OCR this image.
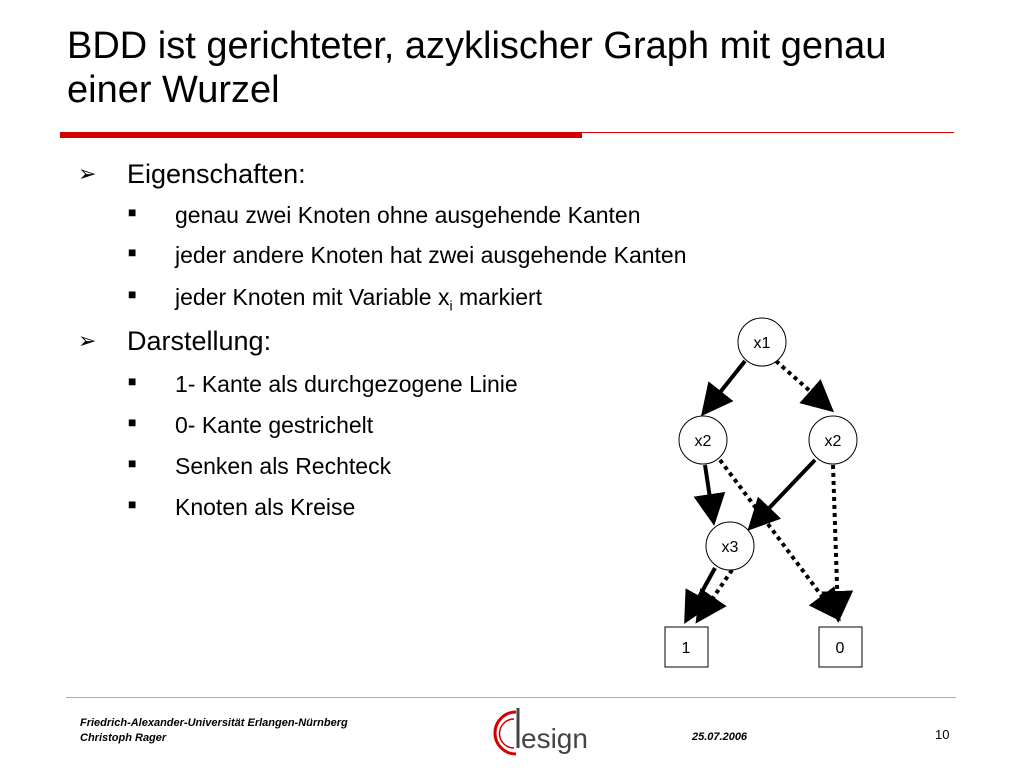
BDD ist gerichteter, azyklischer Graph mit genau einer Wurzel
➢ Eigenschaften:
■ genau zwei Knoten ohne ausgehende Kanten
■ jeder andere Knoten hat zwei ausgehende Kanten
■ jeder Knoten mit Variable $x_i$ markiert
➢ Darstellung:
■ 1- Kante als durchgezogene Linie
■ 0- Kante gestrichelt
■ Senken als Rechteck
■ Knoten als Kreise
x1
x2	x2
x3
1	0
Friedrich-Alexander-Universität Erlangen-Nürnberg
Christoph Rager	esign	25.07.2006	10
